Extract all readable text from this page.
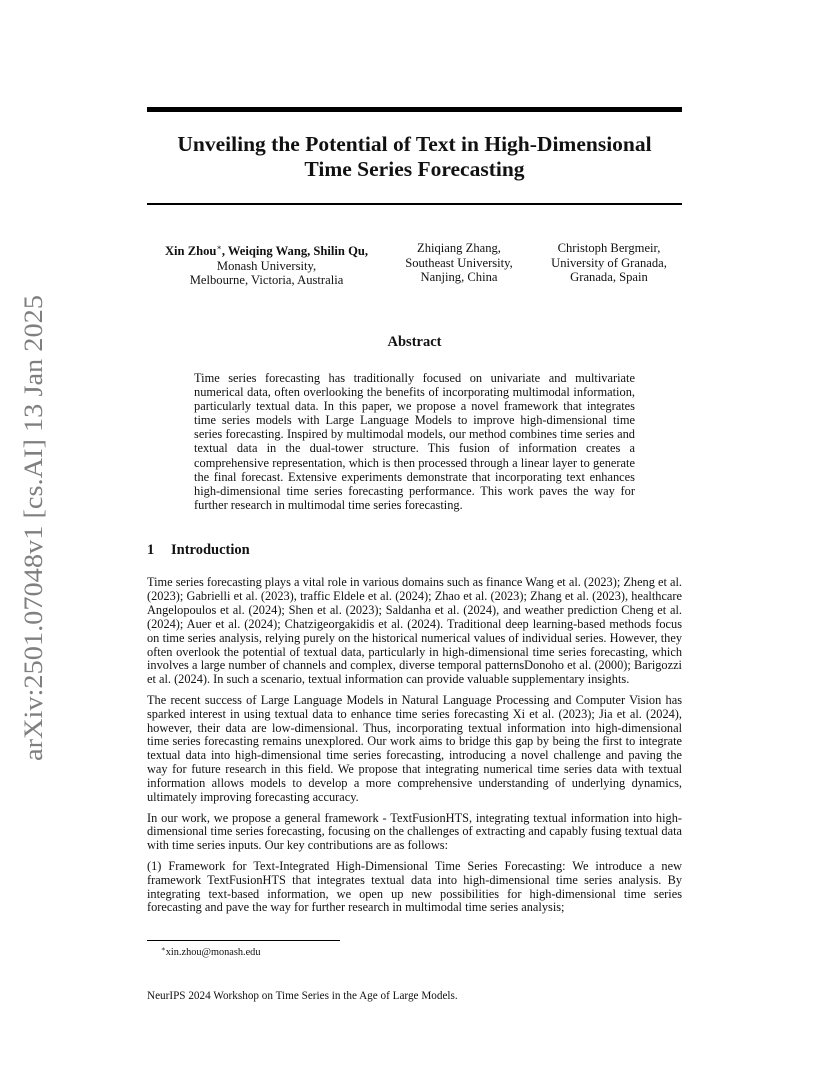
arXiv:2501.07048v1 [cs.AI] 13 Jan 2025
Unveiling the Potential of Text in High-Dimensional
Time Series Forecasting
Xin Zhou∗, Weiqing Wang, Shilin Qu,
Monash University,
Melbourne, Victoria, Australia
Zhiqiang Zhang,
Southeast University,
Nanjing, China
Christoph Bergmeir,
University of Granada,
Granada, Spain
Abstract
Time series forecasting has traditionally focused on univariate and multivariate numerical data, often overlooking the benefits of incorporating multimodal information, particularly textual data. In this paper, we propose a novel framework that integrates time series models with Large Language Models to improve high-dimensional time series forecasting. Inspired by multimodal models, our method combines time series and textual data in the dual-tower structure. This fusion of information creates a comprehensive representation, which is then processed through a linear layer to generate the final forecast. Extensive experiments demonstrate that incorporating text enhances high-dimensional time series forecasting performance. This work paves the way for further research in multimodal time series forecasting.
1 Introduction

Time series forecasting plays a vital role in various domains such as finance Wang et al. (2023); Zheng et al. (2023); Gabrielli et al. (2023), traffic Eldele et al. (2024); Zhao et al. (2023); Zhang et al. (2023), healthcare Angelopoulos et al. (2024); Shen et al. (2023); Saldanha et al. (2024), and weather prediction Cheng et al. (2024); Auer et al. (2024); Chatzigeorgakidis et al. (2024). Traditional deep learning-based methods focus on time series analysis, relying purely on the historical numerical values of individual series. However, they often overlook the potential of textual data, particularly in high-dimensional time series forecasting, which involves a large number of channels and complex, diverse temporal patternsDonoho et al. (2000); Barigozzi et al. (2024). In such a scenario, textual information can provide valuable supplementary insights.

The recent success of Large Language Models in Natural Language Processing and Computer Vision has sparked interest in using textual data to enhance time series forecasting Xi et al. (2023); Jia et al. (2024), however, their data are low-dimensional. Thus, incorporating textual information into high-dimensional time series forecasting remains unexplored. Our work aims to bridge this gap by being the first to integrate textual data into high-dimensional time series forecasting, introducing a novel challenge and paving the way for future research in this field. We propose that integrating numerical time series data with textual information allows models to develop a more comprehensive understanding of underlying dynamics, ultimately improving forecasting accuracy.

In our work, we propose a general framework - TextFusionHTS, integrating textual information into high-dimensional time series forecasting, focusing on the challenges of extracting and capably fusing textual data with time series inputs. Our key contributions are as follows:

(1) Framework for Text-Integrated High-Dimensional Time Series Forecasting: We introduce a new framework TextFusionHTS that integrates textual data into high-dimensional time series analysis. By integrating text-based information, we open up new possibilities for high-dimensional time series forecasting and pave the way for further research in multimodal time series analysis;

∗xin.zhou@monash.edu
NeurIPS 2024 Workshop on Time Series in the Age of Large Models.
